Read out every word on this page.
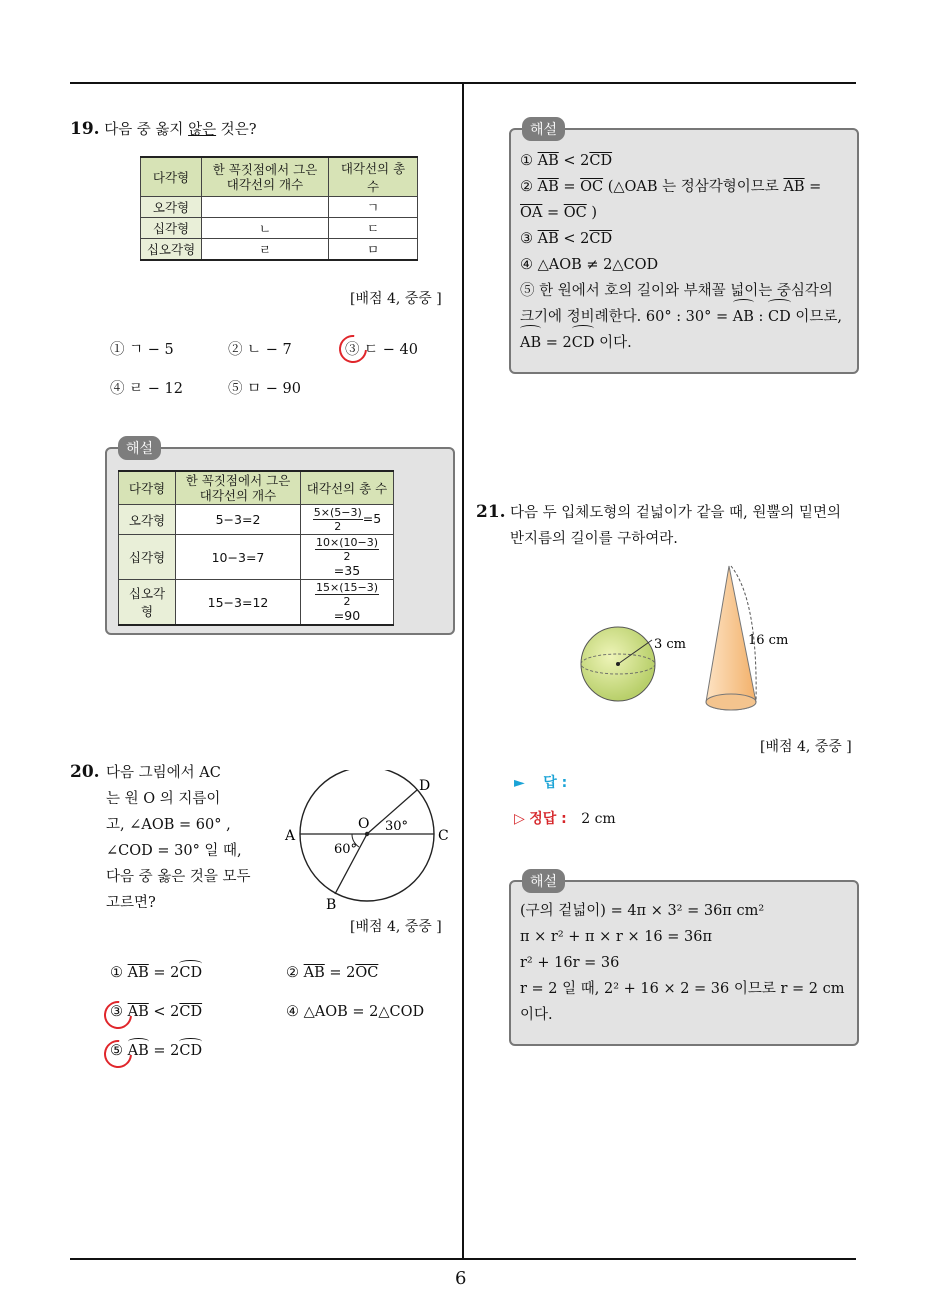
6
19. 다음 중 옳지 않은 것은?
다각형	한 꼭짓점에서 그은 대각선의 개수	대각선의 총 수
오각형		ㄱ
십각형	ㄴ	ㄷ
십오각형	ㄹ	ㅁ
[배점 4, 중중 ]
① ㄱ − 5	② ㄴ − 7	③ ㄷ − 40
④ ㄹ − 12	⑤ ㅁ − 90
해설
다각형	한 꼭짓점에서 그은 대각선의 개수	대각선의 총 수
오각형	5−3=2	$\frac{5\times(5-3)}{2} =5$
십각형	10−3=7	$\frac{10\times(10-3)}{2}$
=35
십오각형	15−3=12	$\frac{15\times(15-3)}{2}$
=90
20. 다음 그림에서 AC
는 원 O 의 지름이
고, ∠AOB = 60° ,
∠COD = 30° 일 때,
다음 중 옳은 것을 모두
고르면?
A	C
D
B
O 30°
60°
[배점 4, 중중 ]
① $\overline{AB} = 2CD$	② $\overline{AB} = 2\overline{OC}$
③ $\overline{AB} < 2\overline{CD}$	④ △AOB = 2△COD
⑤ AB = 2CD
해설
① $\overline{AB} < 2\overline{CD}$
② $\overline{AB} = \overline{OC}$ (△OAB 는 정삼각형이므로 $\overline{AB}$ =
$\overline{OA} = \overline{OC}$ )
③ $\overline{AB} < 2\overline{CD}$
④ △AOB ≠ 2△COD
⑤ 한 원에서 호의 길이와 부채꼴 넓이는 중심각의
크기에 정비례한다. 60° : 30° = AB : CD 이므로,
AB = 2CD 이다.
21. 다음 두 입체도형의 겉넓이가 같을 때, 원뿔의 밑면의
반지름의 길이를 구하여라.
3 cm	16 cm
[배점 4, 중중 ]
► 답 :
▷ 정답 : 2 cm
해설
(구의 겉넓이) = 4π × 3² = 36π cm²
π × r² + π × r × 16 = 36π
r² + 16r = 36
r = 2 일 때, 2² + 16 × 2 = 36 이므로 r = 2 cm
이다.
